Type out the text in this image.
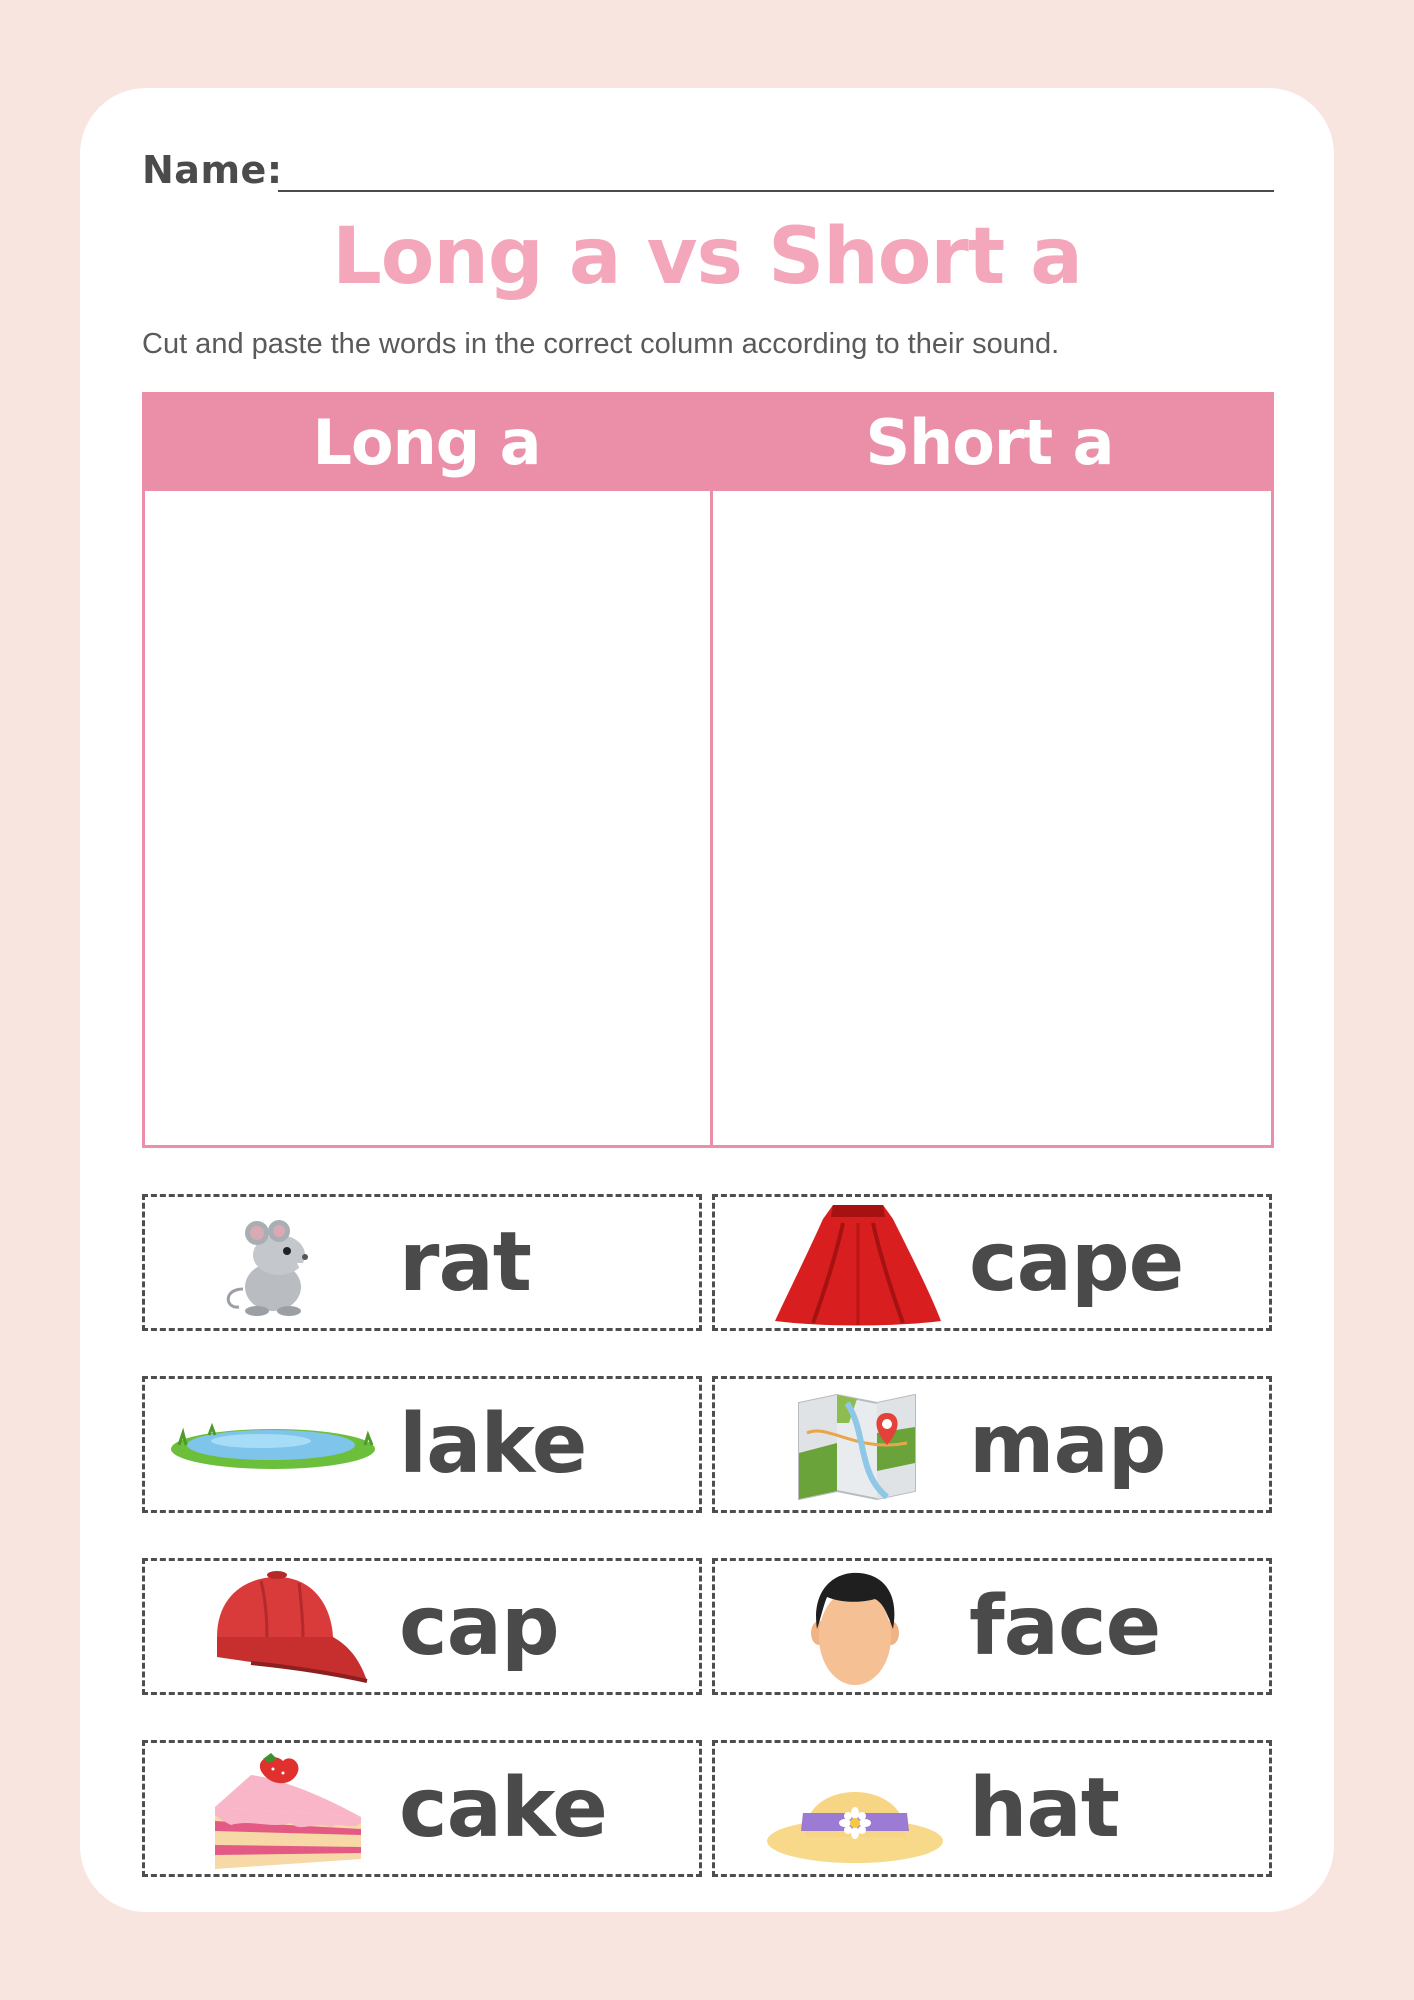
Name:
Long a vs Short a
Cut and paste the words in the correct column according to their sound.
Long a	Short a
rat	cape
lake	map
cap	face
cake	hat
